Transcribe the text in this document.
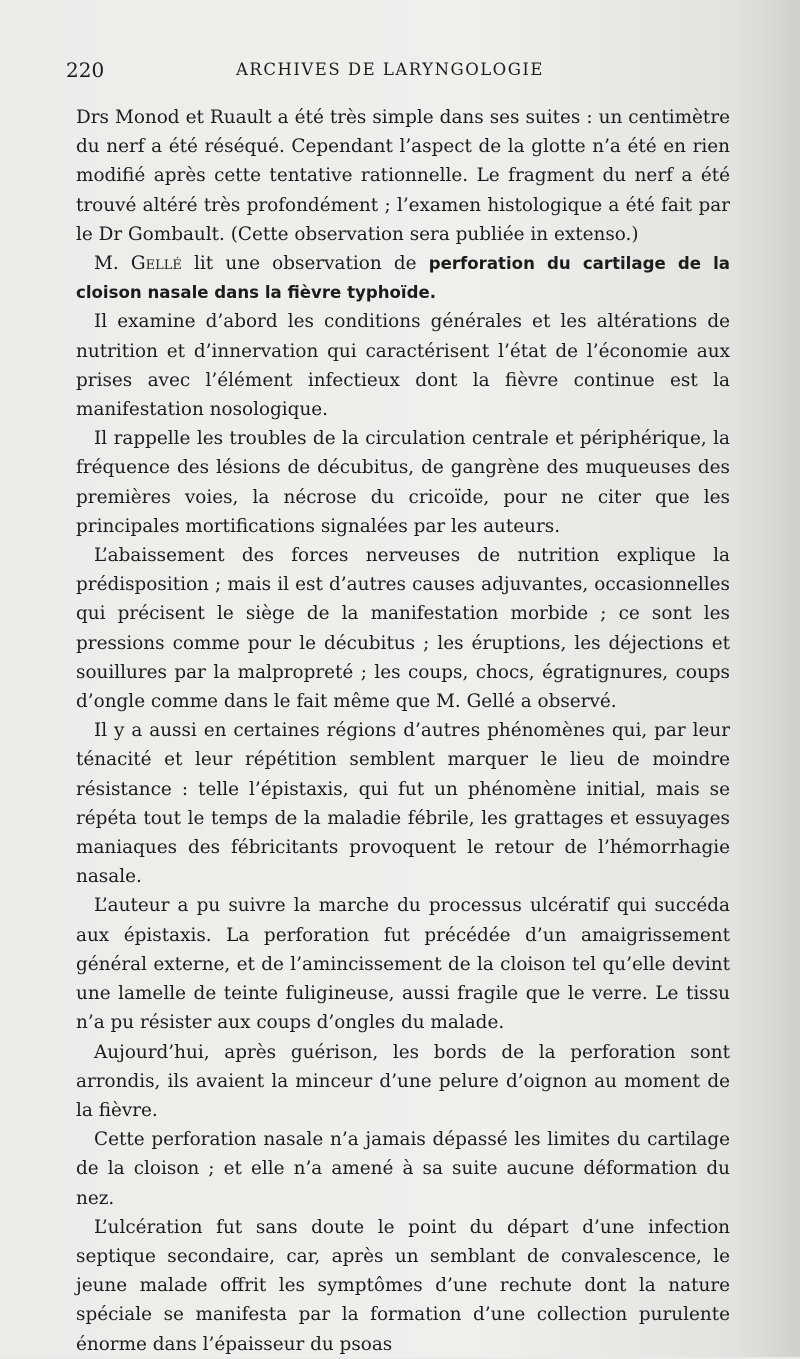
220	ARCHIVES DE LARYNGOLOGIE

Drs Monod et Ruault a été très simple dans ses suites : un centimètre du nerf a été réséqué. Cependant l’aspect de la glotte n’a été en rien modifié après cette tentative rationnelle. Le fragment du nerf a été trouvé altéré très profondément ; l’examen histologique a été fait par le Dr Gombault. (Cette observation sera publiée in extenso.)

M. Gellé lit une observation de perforation du cartilage de la cloison nasale dans la fièvre typhoïde.

Il examine d’abord les conditions générales et les altérations de nutrition et d’innervation qui caractérisent l’état de l’économie aux prises avec l’élément infectieux dont la fièvre continue est la manifestation nosologique.

Il rappelle les troubles de la circulation centrale et périphérique, la fréquence des lésions de décubitus, de gangrène des muqueuses des premières voies, la nécrose du cricoïde, pour ne citer que les principales mortifications signalées par les auteurs.

L’abaissement des forces nerveuses de nutrition explique la prédisposition ; mais il est d’autres causes adjuvantes, occasionnelles qui précisent le siège de la manifestation morbide ; ce sont les pressions comme pour le décubitus ; les éruptions, les déjections et souillures par la malpropreté ; les coups, chocs, égratignures, coups d’ongle comme dans le fait même que M. Gellé a observé.

Il y a aussi en certaines régions d’autres phénomènes qui, par leur ténacité et leur répétition semblent marquer le lieu de moindre résistance : telle l’épistaxis, qui fut un phénomène initial, mais se répéta tout le temps de la maladie fébrile, les grattages et essuyages maniaques des fébricitants provoquent le retour de l’hémorrhagie nasale.

L’auteur a pu suivre la marche du processus ulcératif qui succéda aux épistaxis. La perforation fut précédée d’un amaigrissement général externe, et de l’amincissement de la cloison tel qu’elle devint une lamelle de teinte fuligineuse, aussi fragile que le verre. Le tissu n’a pu résister aux coups d’ongles du malade.

Aujourd’hui, après guérison, les bords de la perforation sont arrondis, ils avaient la minceur d’une pelure d’oignon au moment de la fièvre.

Cette perforation nasale n’a jamais dépassé les limites du cartilage de la cloison ; et elle n’a amené à sa suite aucune déformation du nez.

L’ulcération fut sans doute le point du départ d’une infection septique secondaire, car, après un semblant de convalescence, le jeune malade offrit les symptômes d’une rechute dont la nature spéciale se manifesta par la formation d’une collection purulente énorme dans l’épaisseur du psoas
